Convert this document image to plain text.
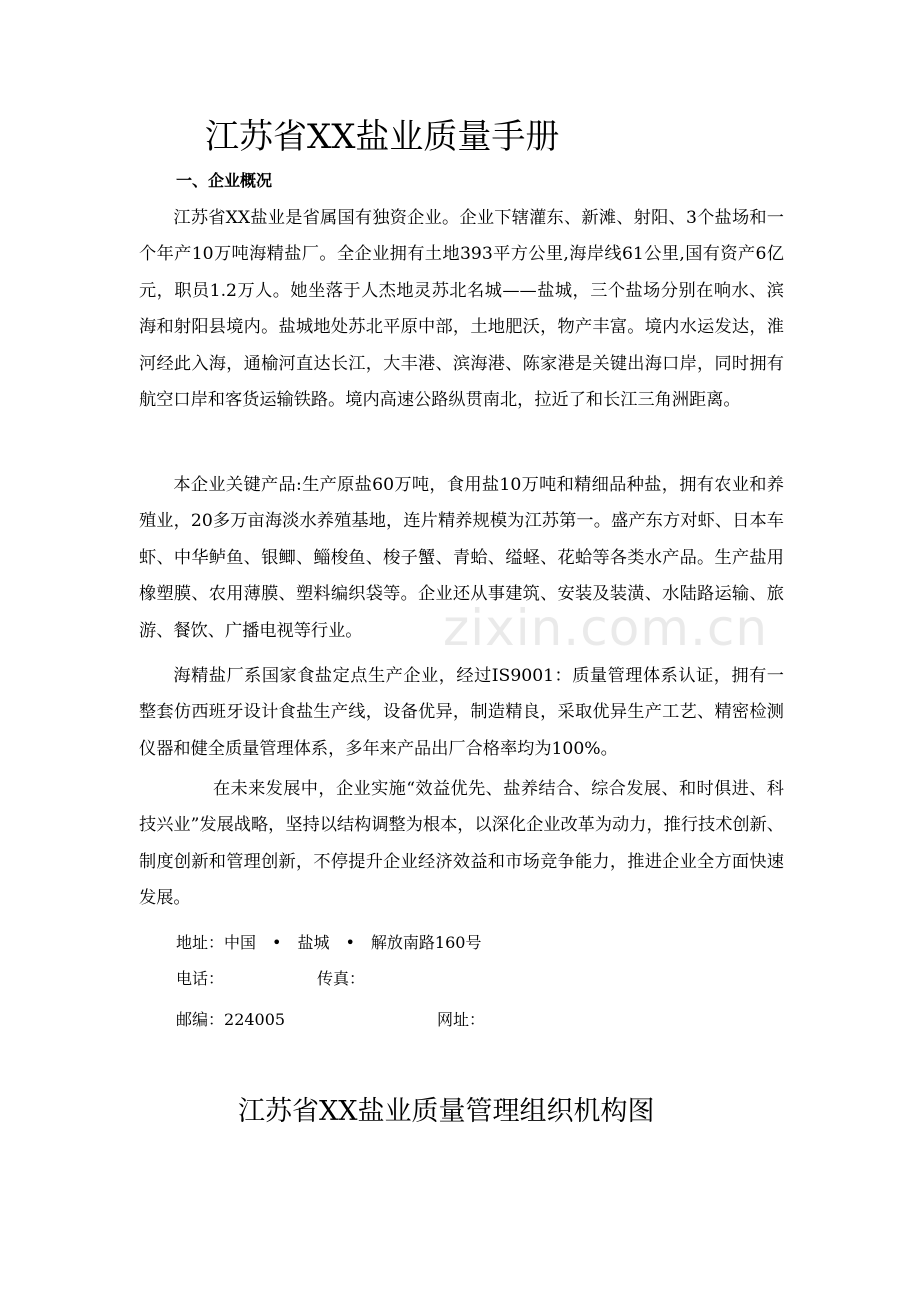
江苏省XX盐业质量手册
一、企业概况

江苏省XX盐业是省属国有独资企业。企业下辖灌东、新滩、射阳、3个盐场和一个年产10万吨海精盐厂。全企业拥有土地393平方公里,海岸线61公里,国有资产6亿元，职员1.2万人。她坐落于人杰地灵苏北名城——盐城，三个盐场分别在响水、滨海和射阳县境内。盐城地处苏北平原中部，土地肥沃，物产丰富。境内水运发达，淮河经此入海，通榆河直达长江，大丰港、滨海港、陈家港是关键出海口岸，同时拥有航空口岸和客货运输铁路。境内高速公路纵贯南北，拉近了和长江三角洲距离。

本企业关键产品:生产原盐60万吨，食用盐10万吨和精细品种盐，拥有农业和养殖业，20多万亩海淡水养殖基地，连片精养规模为江苏第一。盛产东方对虾、日本车虾、中华鲈鱼、银鲫、鲻梭鱼、梭子蟹、青蛤、缢蛏、花蛤等各类水产品。生产盐用橡塑膜、农用薄膜、塑料编织袋等。企业还从事建筑、安装及装潢、水陆路运输、旅游、餐饮、广播电视等行业。

海精盐厂系国家食盐定点生产企业，经过IS9001：质量管理体系认证，拥有一整套仿西班牙设计食盐生产线，设备优异，制造精良，采取优异生产工艺、精密检测仪器和健全质量管理体系，多年来产品出厂合格率均为100%。

在未来发展中，企业实施“效益优先、盐养结合、综合发展、和时俱进、科技兴业”发展战略，坚持以结构调整为根本，以深化企业改革为动力，推行技术创新、制度创新和管理创新，不停提升企业经济效益和市场竞争能力，推进企业全方面快速发展。

地址：中国 • 盐城 • 解放南路160号
电话：	传真：
邮编：224005	网址：
江苏省XX盐业质量管理组织机构图
zixin.com.cn
